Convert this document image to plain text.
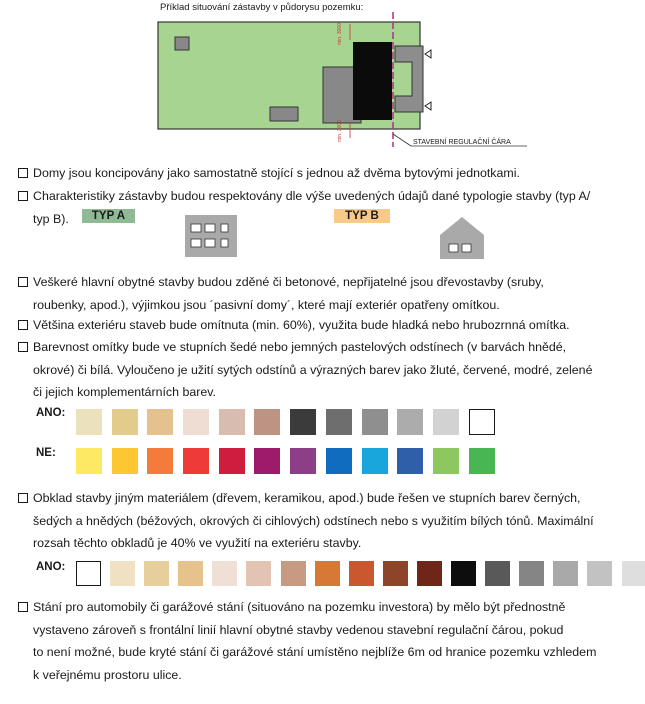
Příklad situování zástavby v půdorysu pozemku:
min. 3000
min. 3000
STAVEBNÍ REGULAČNÍ ČÁRA
Domy jsou koncipovány jako samostatně stojící s jednou až dvěma bytovými jednotkami.
Charakteristiky zástavby budou respektovány dle výše uvedených údajů dané typologie stavby (typ A/
typ B).	TYP A	TYP B
Veškeré hlavní obytné stavby budou zděné či betonové, nepřijatelné jsou dřevostavby (sruby,
roubenky, apod.), výjimkou jsou ´pasivní domy´, které mají exteriér opatřeny omítkou.
Většina exteriéru staveb bude omítnuta (min. 60%), využita bude hladká nebo hrubozrnná omítka.
Barevnost omítky bude ve stupních šedé nebo jemných pastelových odstínech (v barvách hnědé,
okrové) či bílá. Vyloučeno je užití sytých odstínů a výrazných barev jako žluté, červené, modré, zelené
či jejich komplementárních barev.
ANO:
NE:
Obklad stavby jiným materiálem (dřevem, keramikou, apod.) bude řešen ve stupních barev černých,
šedých a hnědých (béžových, okrových či cihlových) odstínech nebo s využitím bílých tónů. Maximální
rozsah těchto obkladů je 40% ve využití na exteriéru stavby.
ANO:
Stání pro automobily či garážové stání (situováno na pozemku investora) by mělo být přednostně
vystaveno zároveň s frontální linií hlavní obytné stavby vedenou stavební regulační čárou, pokud
to není možné, bude kryté stání či garážové stání umístěno nejblíže 6m od hranice pozemku vzhledem
k veřejnému prostoru ulice.
